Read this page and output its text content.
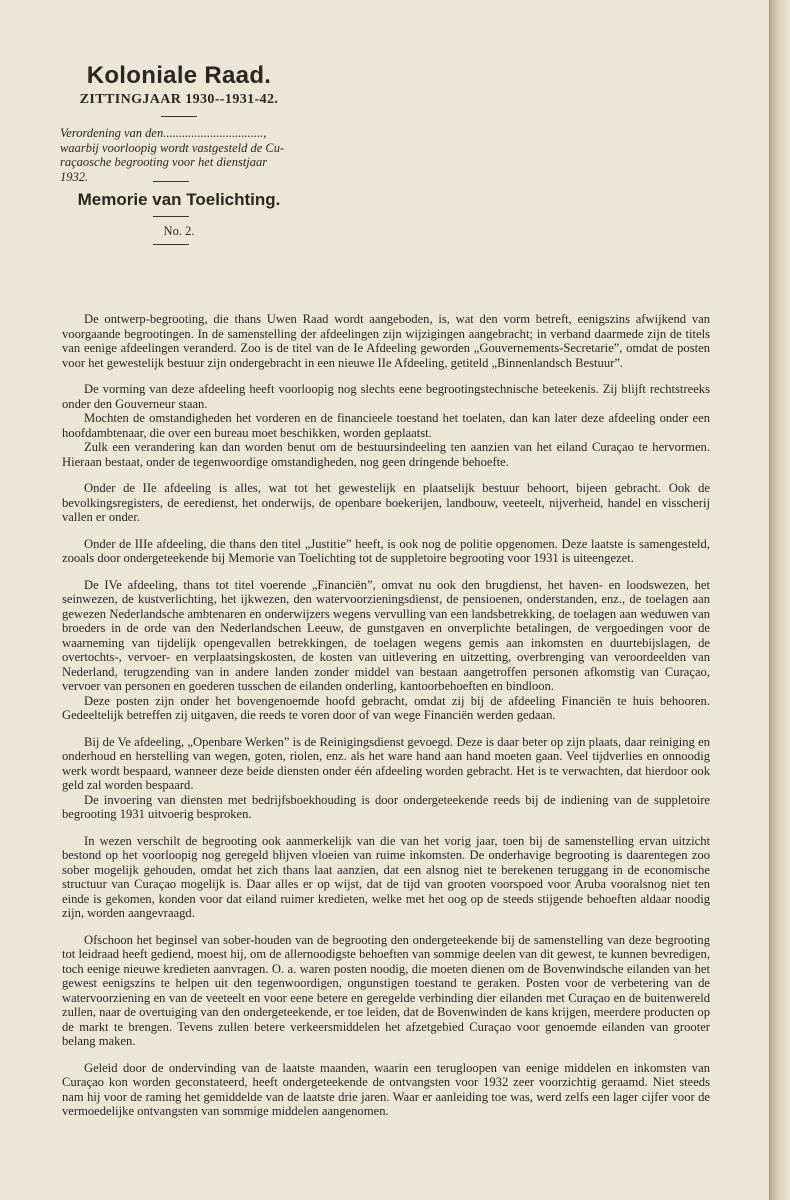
Koloniale Raad.
ZITTINGJAAR 1930--1931-42.
Verordening van den................................,
waarbij voorloopig wordt vastgesteld de Cu-
raçaosche begrooting voor het dienstjaar
1932.
Memorie van Toelichting.
No. 2.

De ontwerp-begrooting, die thans Uwen Raad wordt aangeboden, is, wat den vorm betreft, eenigszins afwijkend van voorgaande begrootingen. In de samenstelling der afdeelingen zijn wijzigingen aangebracht; in verband daarmede zijn de titels van eenige afdeelingen veranderd. Zoo is de titel van de Ie Afdeeling geworden „Gouvernements-Secretarie”, omdat de posten voor het gewestelijk bestuur zijn ondergebracht in een nieuwe IIe Afdeeling, getiteld „Binnenlandsch Bestuur”.

De vorming van deze afdeeling heeft voorloopig nog slechts eene begrootingstechnische beteekenis. Zij blijft rechtstreeks onder den Gouverneur staan.

Mochten de omstandigheden het vorderen en de financieele toestand het toelaten, dan kan later deze afdeeling onder een hoofdambtenaar, die over een bureau moet beschikken, worden geplaatst.

Zulk een verandering kan dan worden benut om de bestuursindeeling ten aanzien van het eiland Curaçao te hervormen. Hieraan bestaat, onder de tegenwoordige omstandigheden, nog geen dringende behoefte.

Onder de IIe afdeeling is alles, wat tot het gewestelijk en plaatselijk bestuur behoort, bijeen gebracht. Ook de bevolkingsregisters, de eeredienst, het onderwijs, de openbare boekerijen, landbouw, veeteelt, nijverheid, handel en visscherij vallen er onder.

Onder de IIIe afdeeling, die thans den titel „Justitie” heeft, is ook nog de politie opgenomen. Deze laatste is samengesteld, zooals door ondergeteekende bij Memorie van Toelichting tot de suppletoire begrooting voor 1931 is uiteengezet.

De IVe afdeeling, thans tot titel voerende „Financiën”, omvat nu ook den brugdienst, het haven- en loodswezen, het seinwezen, de kustverlichting, het ijkwezen, den watervoorzieningsdienst, de pensioenen, onderstanden, enz., de toelagen aan gewezen Nederlandsche ambtenaren en onderwijzers wegens vervulling van een landsbetrekking, de toelagen aan weduwen van broeders in de orde van den Nederlandschen Leeuw, de gunstgaven en onverplichte betalingen, de vergoedingen voor de waarneming van tijdelijk opengevallen betrekkingen, de toelagen wegens gemis aan inkomsten en duurtebijslagen, de overtochts-, vervoer- en verplaatsingskosten, de kosten van uitlevering en uitzetting, overbrenging van veroordeelden van Nederland, terugzending van in andere landen zonder middel van bestaan aangetroffen personen afkomstig van Curaçao, vervoer van personen en goederen tusschen de eilanden onderling, kantoorbehoeften en bindloon.

Deze posten zijn onder het bovengenoemde hoofd gebracht, omdat zij bij de afdeeling Financiën te huis behooren. Gedeeltelijk betreffen zij uitgaven, die reeds te voren door of van wege Financiën werden gedaan.

Bij de Ve afdeeling, „Openbare Werken” is de Reinigingsdienst gevoegd. Deze is daar beter op zijn plaats, daar reiniging en onderhoud en herstelling van wegen, goten, riolen, enz. als het ware hand aan hand moeten gaan. Veel tijdverlies en onnoodig werk wordt bespaard, wanneer deze beide diensten onder één afdeeling worden gebracht. Het is te verwachten, dat hierdoor ook geld zal worden bespaard.

De invoering van diensten met bedrijfsboekhouding is door ondergeteekende reeds bij de indiening van de suppletoire begrooting 1931 uitvoerig besproken.

In wezen verschilt de begrooting ook aanmerkelijk van die van het vorig jaar, toen bij de samenstelling ervan uitzicht bestond op het voorloopig nog geregeld blijven vloeien van ruime inkomsten. De onderhavige begrooting is daarentegen zoo sober mogelijk gehouden, omdat het zich thans laat aanzien, dat een alsnog niet te berekenen teruggang in de economische structuur van Curaçao mogelijk is. Daar alles er op wijst, dat de tijd van grooten voorspoed voor Aruba vooralsnog niet ten einde is gekomen, konden voor dat eiland ruimer kredieten, welke met het oog op de steeds stijgende behoeften aldaar noodig zijn, worden aangevraagd.

Ofschoon het beginsel van sober-houden van de begrooting den ondergeteekende bij de samenstelling van deze begrooting tot leidraad heeft gediend, moest hij, om de allernoodigste behoeften van sommige deelen van dit gewest, te kunnen bevredigen, toch eenige nieuwe kredieten aanvragen. O. a. waren posten noodig, die moeten dienen om de Bovenwindsche eilanden van het gewest eenigszins te helpen uit den tegenwoordigen, ongunstigen toestand te geraken. Posten voor de verbetering van de watervoorziening en van de veeteelt en voor eene betere en geregelde verbinding dier eilanden met Curaçao en de buitenwereld zullen, naar de overtuiging van den ondergeteekende, er toe leiden, dat de Bovenwinden de kans krijgen, meerdere producten op de markt te brengen. Tevens zullen betere verkeersmiddelen het afzetgebied Curaçao voor genoemde eilanden van grooter belang maken.

Geleid door de ondervinding van de laatste maanden, waarin een terugloopen van eenige middelen en inkomsten van Curaçao kon worden geconstateerd, heeft ondergeteekende de ontvangsten voor 1932 zeer voorzichtig geraamd. Niet steeds nam hij voor de raming het gemiddelde van de laatste drie jaren. Waar er aanleiding toe was, werd zelfs een lager cijfer voor de vermoedelijke ontvangsten van sommige middelen aangenomen.
